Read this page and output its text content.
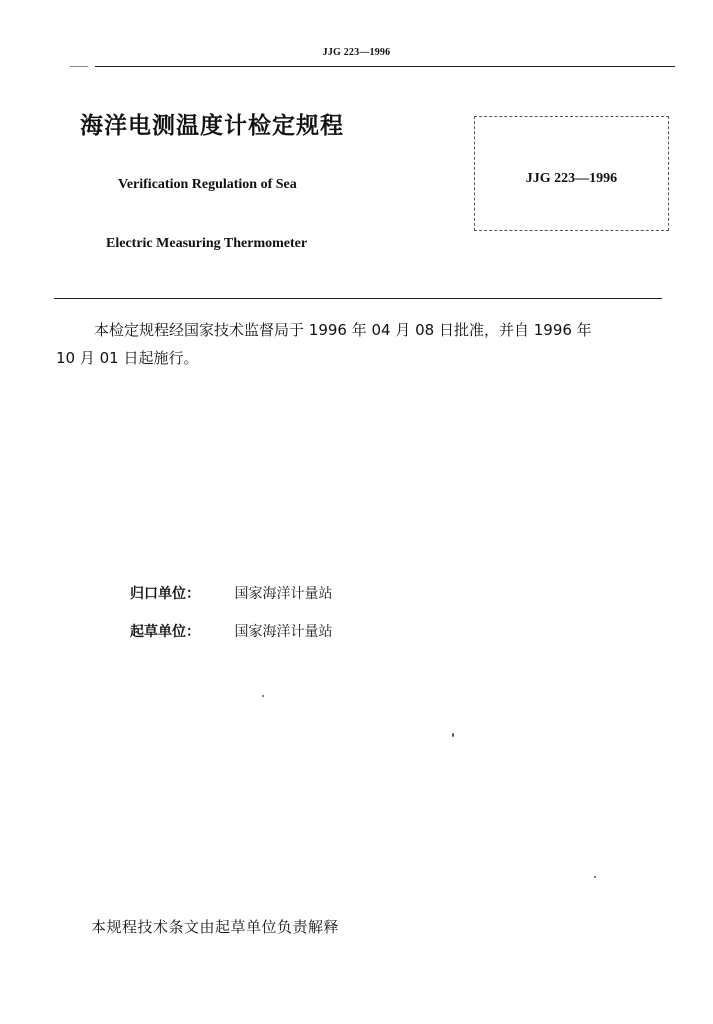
JJG 223—1996
海洋电测温度计检定规程
Verification Regulation of Sea
Electric Measuring Thermometer
JJG 223—1996
本检定规程经国家技术监督局于 1996 年 04 月 08 日批准，并自 1996 年
10 月 01 日起施行。
归口单位： 国家海洋计量站
起草单位： 国家海洋计量站
本规程技术条文由起草单位负责解释
